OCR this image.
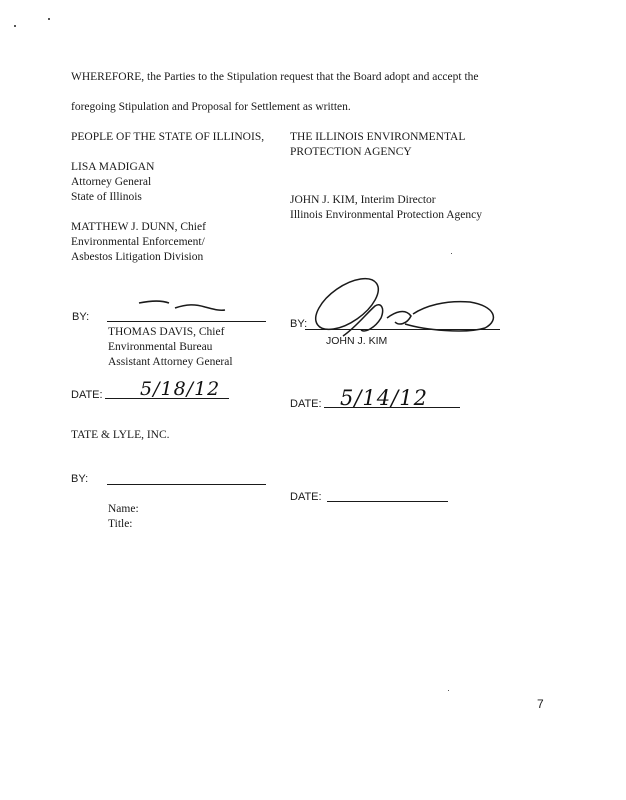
WHEREFORE, the Parties to the Stipulation request that the Board adopt and accept the
foregoing Stipulation and Proposal for Settlement as written.
PEOPLE OF THE STATE OF ILLINOIS, THE ILLINOIS ENVIRONMENTAL
PROTECTION AGENCY
LISA MADIGAN
Attorney General
State of Illinois	JOHN J. KIM, Interim Director
Illinois Environmental Protection Agency
MATTHEW J. DUNN, Chief
Environmental Enforcement/
Asbestos Litigation Division
BY:
THOMAS DAVIS, Chief
Environmental Bureau
Assistant Attorney General
BY:
JOHN J. KIM
DATE: 5/18/12
DATE: 5/14/12
TATE & LYLE, INC.
BY:
DATE:
Name:
Title:
7
